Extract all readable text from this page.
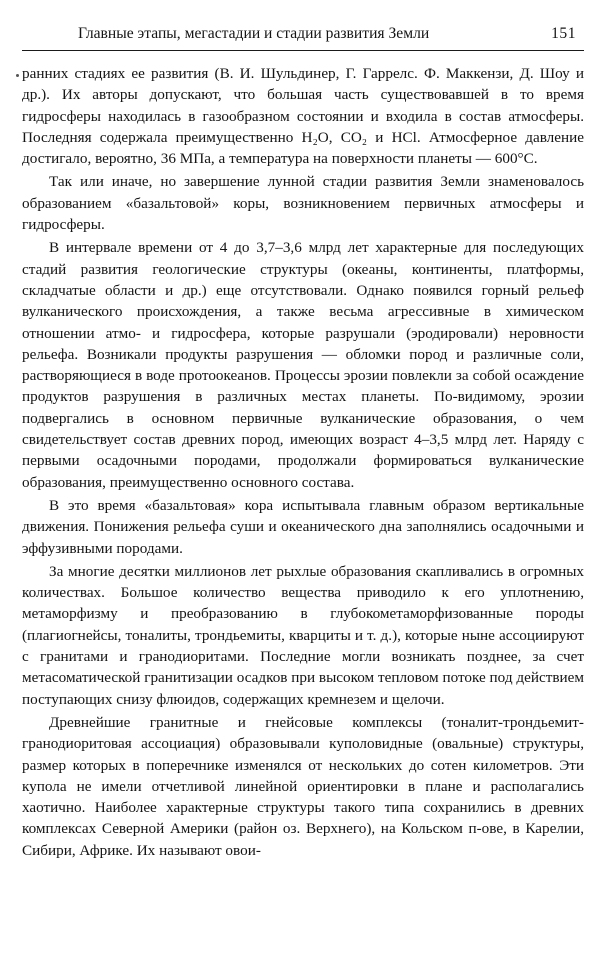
Главные этапы, мегастадии и стадии развития Земли	151

ранних стадиях ее развития (В. И. Шульдинер, Г. Гаррелс. Ф. Маккензи, Д. Шоу и др.). Их авторы допускают, что большая часть существовавшей в то время гидросферы находилась в газообразном состоянии и входила в состав атмосферы. Последняя содержала преимущественно H₂O, CO₂ и HCl. Атмосферное давление достигало, вероятно, 36 МПа, а температура на поверхности планеты — 600°С.

Так или иначе, но завершение лунной стадии развития Земли знаменовалось образованием «базальтовой» коры, возникновением первичных атмосферы и гидросферы.

В интервале времени от 4 до 3,7–3,6 млрд лет характерные для последующих стадий развития геологические структуры (океаны, континенты, платформы, складчатые области и др.) еще отсутствовали. Однако появился горный рельеф вулканического происхождения, а также весьма агрессивные в химическом отношении атмо- и гидросфера, которые разрушали (эродировали) неровности рельефа. Возникали продукты разрушения — обломки пород и различные соли, растворяющиеся в воде протоокеанов. Процессы эрозии повлекли за собой осаждение продуктов разрушения в различных местах планеты. По-видимому, эрозии подвергались в основном первичные вулканические образования, о чем свидетельствует состав древних пород, имеющих возраст 4–3,5 млрд лет. Наряду с первыми осадочными породами, продолжали формироваться вулканические образования, преимущественно основного состава.

В это время «базальтовая» кора испытывала главным образом вертикальные движения. Понижения рельефа суши и океанического дна заполнялись осадочными и эффузивными породами.

За многие десятки миллионов лет рыхлые образования скапливались в огромных количествах. Большое количество вещества приводило к его уплотнению, метаморфизму и преобразованию в глубокометаморфизованные породы (плагиогнейсы, тоналиты, трондьемиты, кварциты и т. д.), которые ныне ассоциируют с гранитами и гранодиоритами. Последние могли возникать позднее, за счет метасоматической гранитизации осадков при высоком тепловом потоке под действием поступающих снизу флюидов, содержащих кремнезем и щелочи.

Древнейшие гранитные и гнейсовые комплексы (тоналит-трондьемит-гранодиоритовая ассоциация) образовывали куполовидные (овальные) структуры, размер которых в поперечнике изменялся от нескольких до сотен километров. Эти купола не имели отчетливой линейной ориентировки в плане и располагались хаотично. Наиболее характерные структуры такого типа сохранились в древних комплексах Северной Америки (район оз. Верхнего), на Кольском п-ове, в Карелии, Сибири, Африке. Их называют овои-
